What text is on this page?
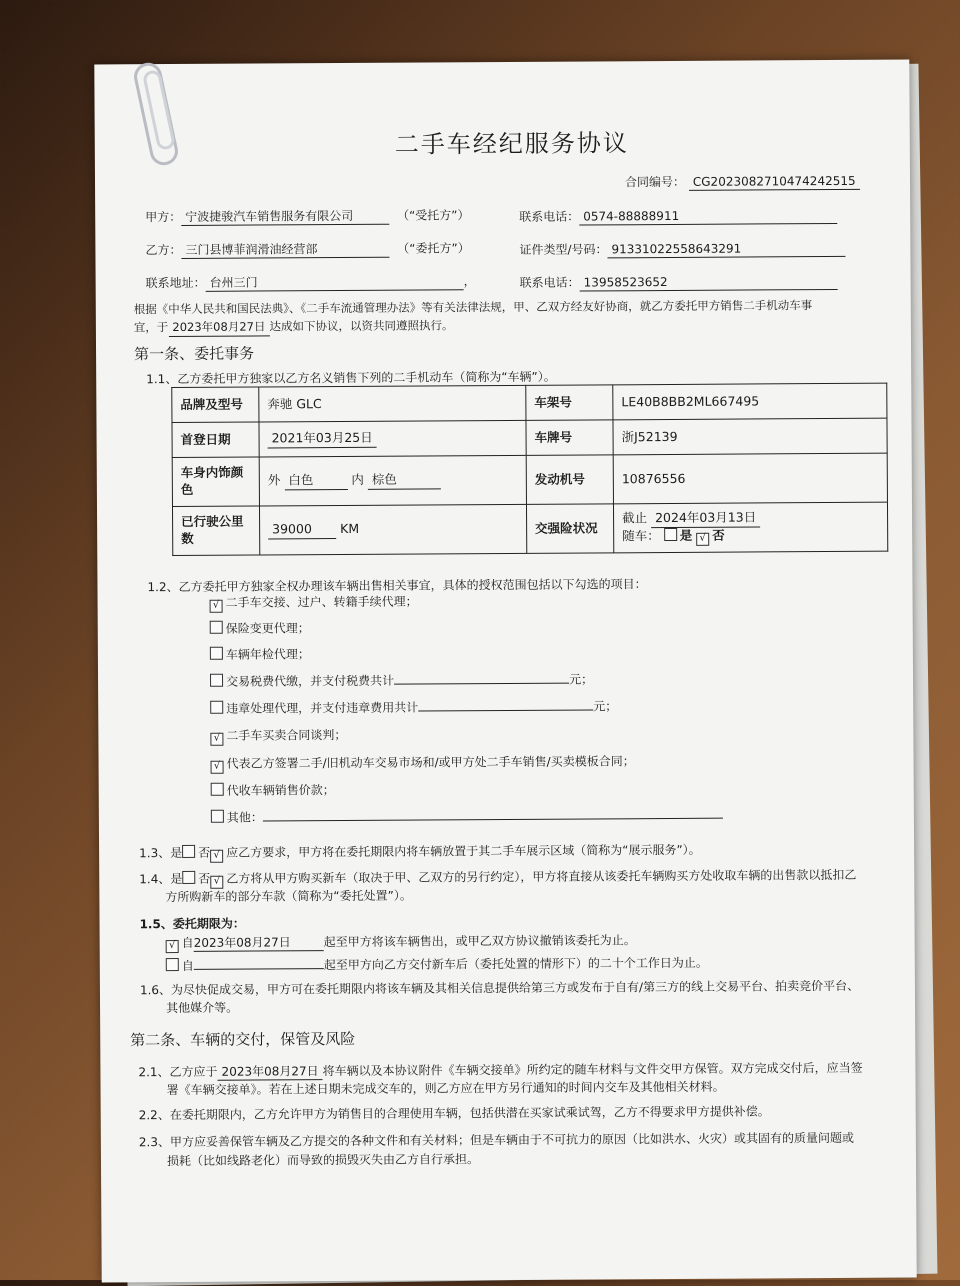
二手车经纪服务协议
合同编号： CG2023082710474242515
甲方： 宁波捷骏汽车销售服务有限公司	（“受托方”）	联系电话： 0574-88888911
乙方： 三门县博菲润滑油经营部	（“委托方”）	证件类型/号码： 91331022558643291
联系地址： 台州三门	，	联系电话： 13958523652
根据《中华人民共和国民法典》、《二手车流通管理办法》等有关法律法规，甲、乙双方经友好协商，就乙方委托甲方销售二手机动车事
宜，于 2023年08月27日 达成如下协议，以资共同遵照执行。
第一条、委托事务
1.1、乙方委托甲方独家以乙方名义销售下列的二手机动车（简称为“车辆”）。
品牌及型号	奔驰 GLC	车架号	LE40B8BB2ML667495
首登日期	2021年03月25日	车牌号	浙J52139
车身内饰颜色	外 白色 内 棕色	发动机号	10876556
已行驶公里数	39000 KM	交强险状况	截止 2024年03月13日
随车： 是 √ 否
1.2、乙方委托甲方独家全权办理该车辆出售相关事宜，具体的授权范围包括以下勾选的项目：
√ 二手车交接、过户、转籍手续代理；
保险变更代理；
车辆年检代理；
交易税费代缴，并支付税费共计	元；
违章处理代理，并支付违章费用共计	元；
√ 二手车买卖合同谈判；
√ 代表乙方签署二手/旧机动车交易市场和/或甲方处二手车销售/买卖模板合同；
代收车辆销售价款；
其他：
1.3、是 否 √ 应乙方要求，甲方将在委托期限内将车辆放置于其二手车展示区域（简称为“展示服务”）。
1.4、是 否 √ 乙方将从甲方购买新车（取决于甲、乙双方的另行约定），甲方将直接从该委托车辆购买方处收取车辆的出售款以抵扣乙
方所购新车的部分车款（简称为“委托处置”）。
1.5、委托期限为：
√ 自2023年08月27日	起至甲方将该车辆售出，或甲乙双方协议撤销该委托为止。
自	起至甲方向乙方交付新车后（委托处置的情形下）的二十个工作日为止。
1.6、为尽快促成交易，甲方可在委托期限内将该车辆及其相关信息提供给第三方或发布于自有/第三方的线上交易平台、拍卖竞价平台、
其他媒介等。
第二条、车辆的交付，保管及风险
2.1、乙方应于 2023年08月27日 将车辆以及本协议附件《车辆交接单》所约定的随车材料与文件交甲方保管。双方完成交付后，应当签
署《车辆交接单》。若在上述日期未完成交车的，则乙方应在甲方另行通知的时间内交车及其他相关材料。
2.2、在委托期限内，乙方允许甲方为销售目的合理使用车辆，包括供潜在买家试乘试驾，乙方不得要求甲方提供补偿。
2.3、甲方应妥善保管车辆及乙方提交的各种文件和有关材料；但是车辆由于不可抗力的原因（比如洪水、火灾）或其固有的质量问题或
损耗（比如线路老化）而导致的损毁灭失由乙方自行承担。
